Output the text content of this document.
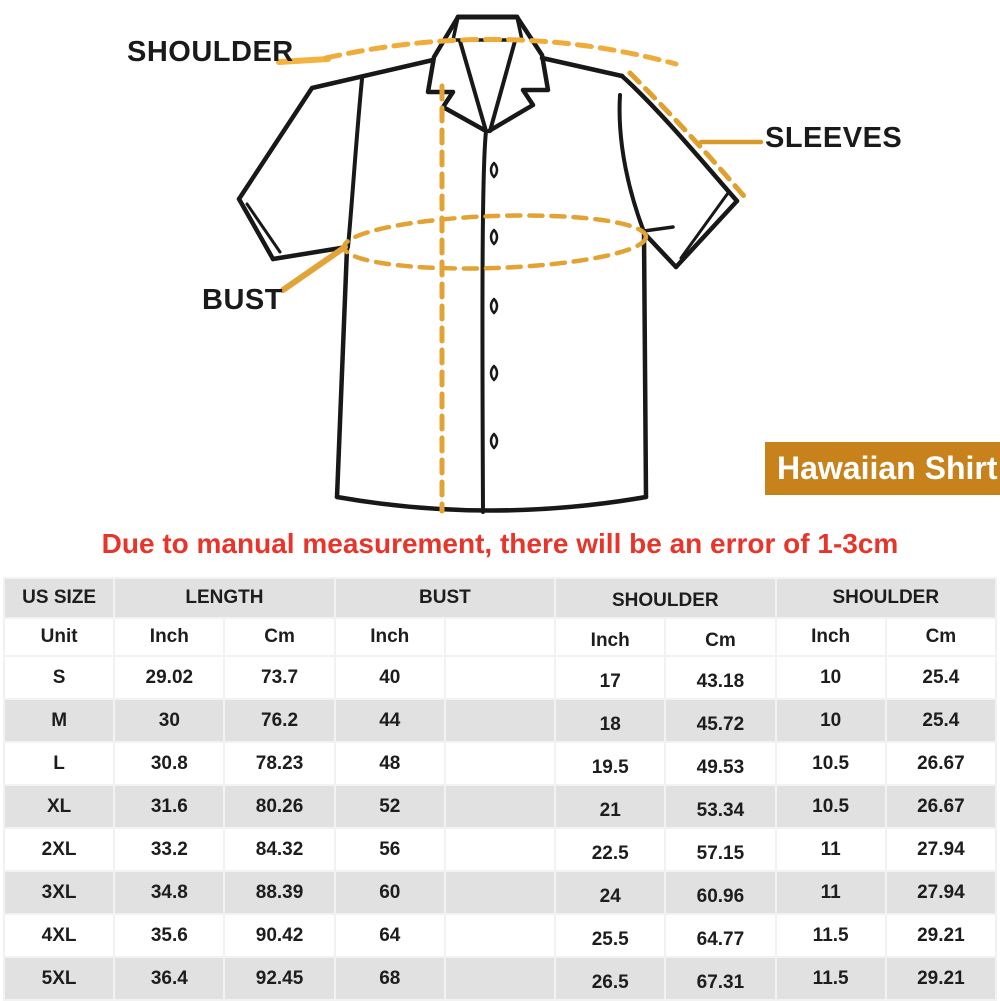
SHOULDER
SLEEVES
BUST
Hawaiian Shirt
Due to manual measurement, there will be an error of 1-3cm
US SIZE	LENGTH		BUST		SHOULDER		SHOULDER	
Unit	Inch	Cm	Inch		Inch	Cm	Inch	Cm
S	29.02	73.7	40		17	43.18	10	25.4
M	30	76.2	44		18	45.72	10	25.4
L	30.8	78.23	48		19.5	49.53	10.5	26.67
XL	31.6	80.26	52		21	53.34	10.5	26.67
2XL	33.2	84.32	56		22.5	57.15	11	27.94
3XL	34.8	88.39	60		24	60.96	11	27.94
4XL	35.6	90.42	64		25.5	64.77	11.5	29.21
5XL	36.4	92.45	68		26.5	67.31	11.5	29.21
